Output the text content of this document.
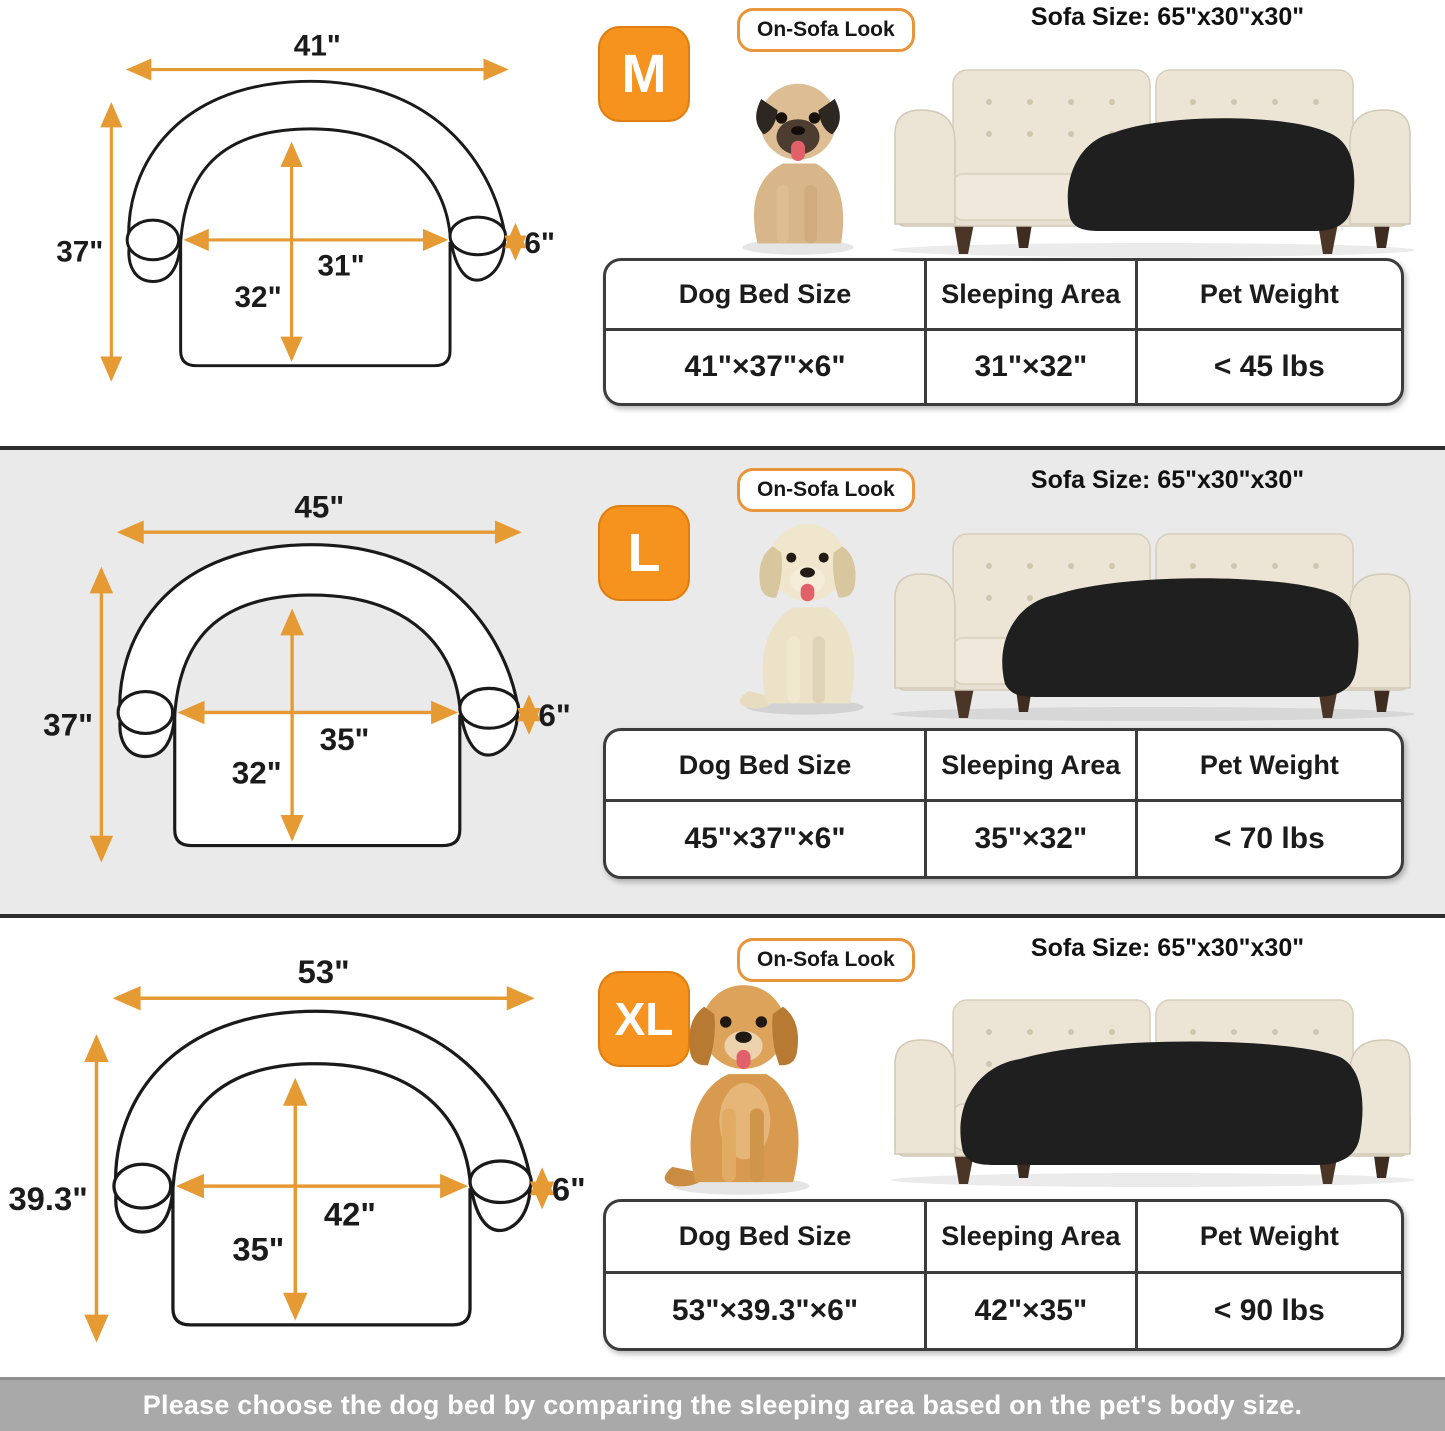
41"
37"	31"
32"
6"
M
On-Sofa Look	Sofa Size: 65"x30"x30"
Dog Bed Size	Sleeping Area	Pet Weight
41"×37"×6"	31"×32"	< 45 lbs
45"
37"	35"
32"
6"
L
On-Sofa Look	Sofa Size: 65"x30"x30"
Dog Bed Size	Sleeping Area	Pet Weight
45"×37"×6"	35"×32"	< 70 lbs
53"
39.3"	42"
35"
6"
XL
On-Sofa Look	Sofa Size: 65"x30"x30"
Dog Bed Size	Sleeping Area	Pet Weight
53"×39.3"×6"	42"×35"	< 90 lbs
Please choose the dog bed by comparing the sleeping area based on the pet's body size.
